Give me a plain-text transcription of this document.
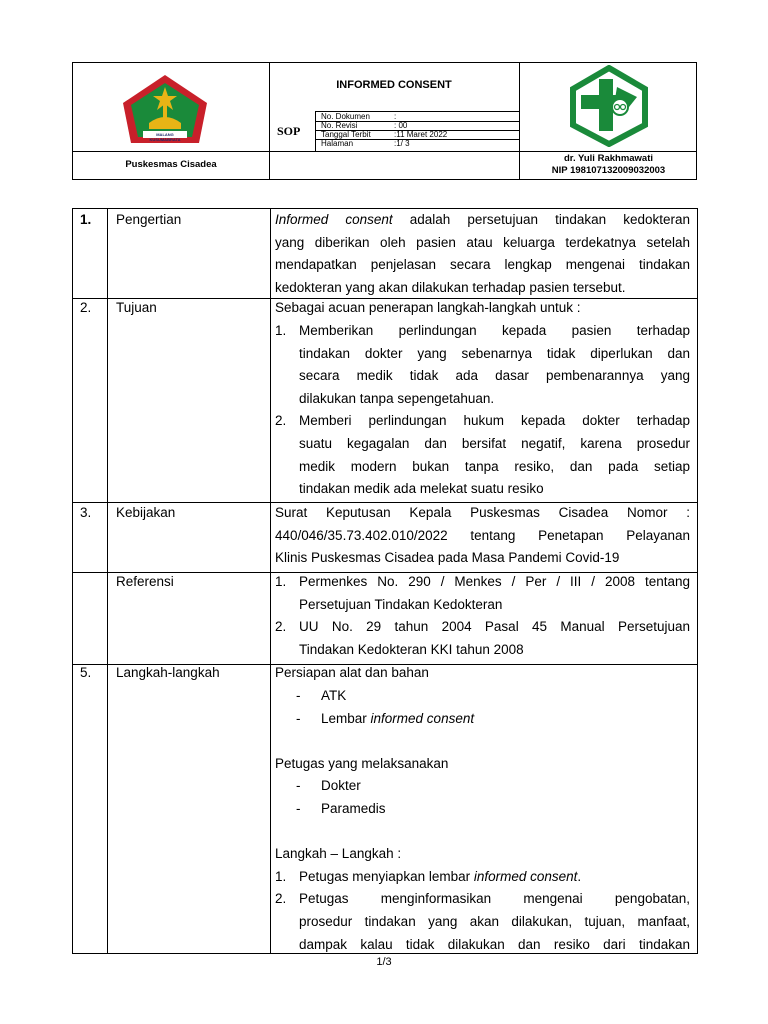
MALANG KUSUMABRATA
INFORMED CONSENT
SOP
No. Dokumen	:
No. Revisi	: 00
Tanggal Terbit	:11 Maret 2022
Halaman	:1/ 3
Puskesmas Cisadea
dr. Yuli Rakhmawati
NIP 198107132009032003
1. Pengertian	Informed consent adalah persetujuan tindakan kedokteran
yang diberikan oleh pasien atau keluarga terdekatnya setelah
mendapatkan penjelasan secara lengkap mengenai tindakan
kedokteran yang akan dilakukan terhadap pasien tersebut.
2. Tujuan	Sebagai acuan penerapan langkah-langkah untuk :
1. Memberikan perlindungan kepada pasien terhadap
tindakan dokter yang sebenarnya tidak diperlukan dan
secara medik tidak ada dasar pembenarannya yang
dilakukan tanpa sepengetahuan.
2. Memberi perlindungan hukum kepada dokter terhadap
suatu kegagalan dan bersifat negatif, karena prosedur
medik modern bukan tanpa resiko, dan pada setiap
tindakan medik ada melekat suatu resiko
3. Kebijakan	Surat Keputusan Kepala Puskesmas Cisadea Nomor :
440/046/35.73.402.010/2022 tentang Penetapan Pelayanan
Klinis Puskesmas Cisadea pada Masa Pandemi Covid-19
Referensi	1. Permenkes No. 290 / Menkes / Per / III / 2008 tentang
Persetujuan Tindakan Kedokteran
2. UU No. 29 tahun 2004 Pasal 45 Manual Persetujuan
Tindakan Kedokteran KKI tahun 2008
5. Langkah-langkah	Persiapan alat dan bahan
- ATK
- Lembar informed consent
Petugas yang melaksanakan
- Dokter
- Paramedis
Langkah – Langkah :
1. Petugas menyiapkan lembar informed consent.
2. Petugas menginformasikan mengenai pengobatan,
prosedur tindakan yang akan dilakukan, tujuan, manfaat,
dampak kalau tidak dilakukan dan resiko dari tindakan
1/3
